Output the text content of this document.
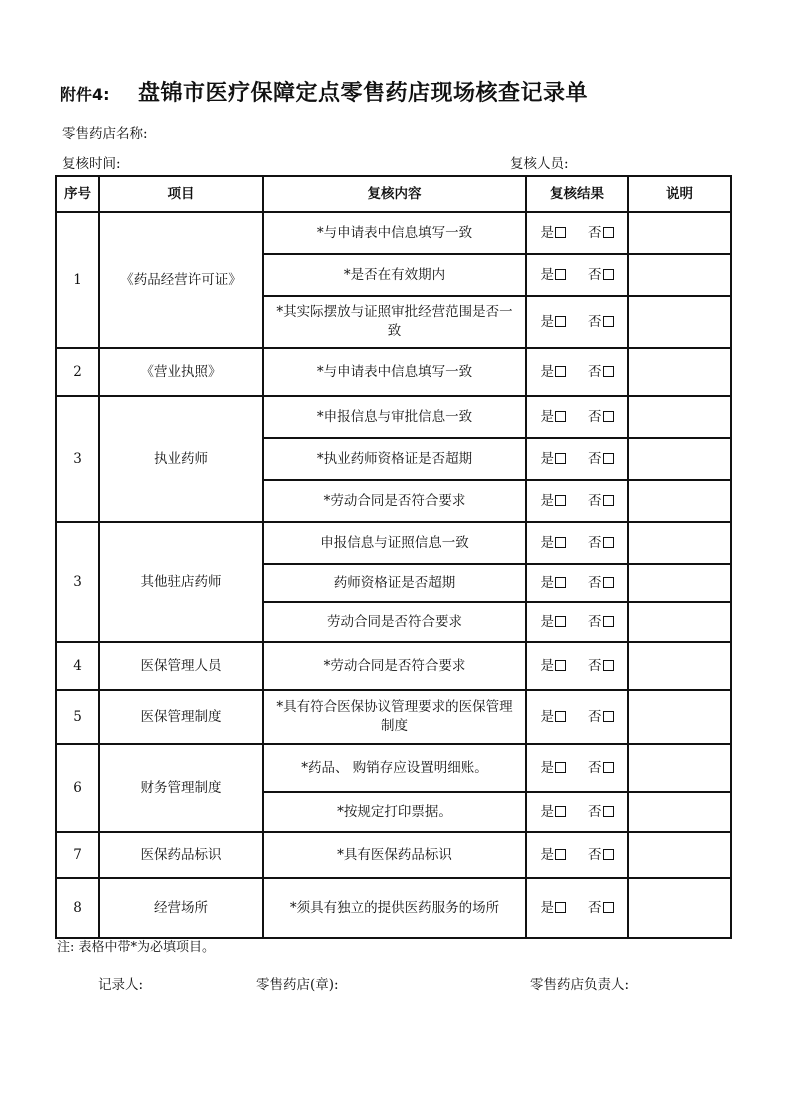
附件4: 盘锦市医疗保障定点零售药店现场核查记录单
零售药店名称:
复核时间:	复核人员:
序号	项目	复核内容	复核结果	说明
1	《药品经营许可证》	*与申请表中信息填写一致	是 否	
		*是否在有效期内	是 否	
		*其实际摆放与证照审批经营范围是否一致	是 否	
2	《营业执照》	*与申请表中信息填写一致	是 否	
3	执业药师	*申报信息与审批信息一致	是 否	
		*执业药师资格证是否超期	是 否	
		*劳动合同是否符合要求	是 否	
3	其他驻店药师	申报信息与证照信息一致	是 否	
		药师资格证是否超期	是 否	
		劳动合同是否符合要求	是 否	
4	医保管理人员	*劳动合同是否符合要求	是 否	
5	医保管理制度	*具有符合医保协议管理要求的医保管理制度	是 否	
6	财务管理制度	*药品、 购销存应设置明细账。	是 否	
		*按规定打印票据。	是 否	
7	医保药品标识	*具有医保药品标识	是 否	
8	经营场所	*须具有独立的提供医药服务的场所	是 否	
注: 表格中带*为必填项目。
记录人:	零售药店(章):	零售药店负责人:
